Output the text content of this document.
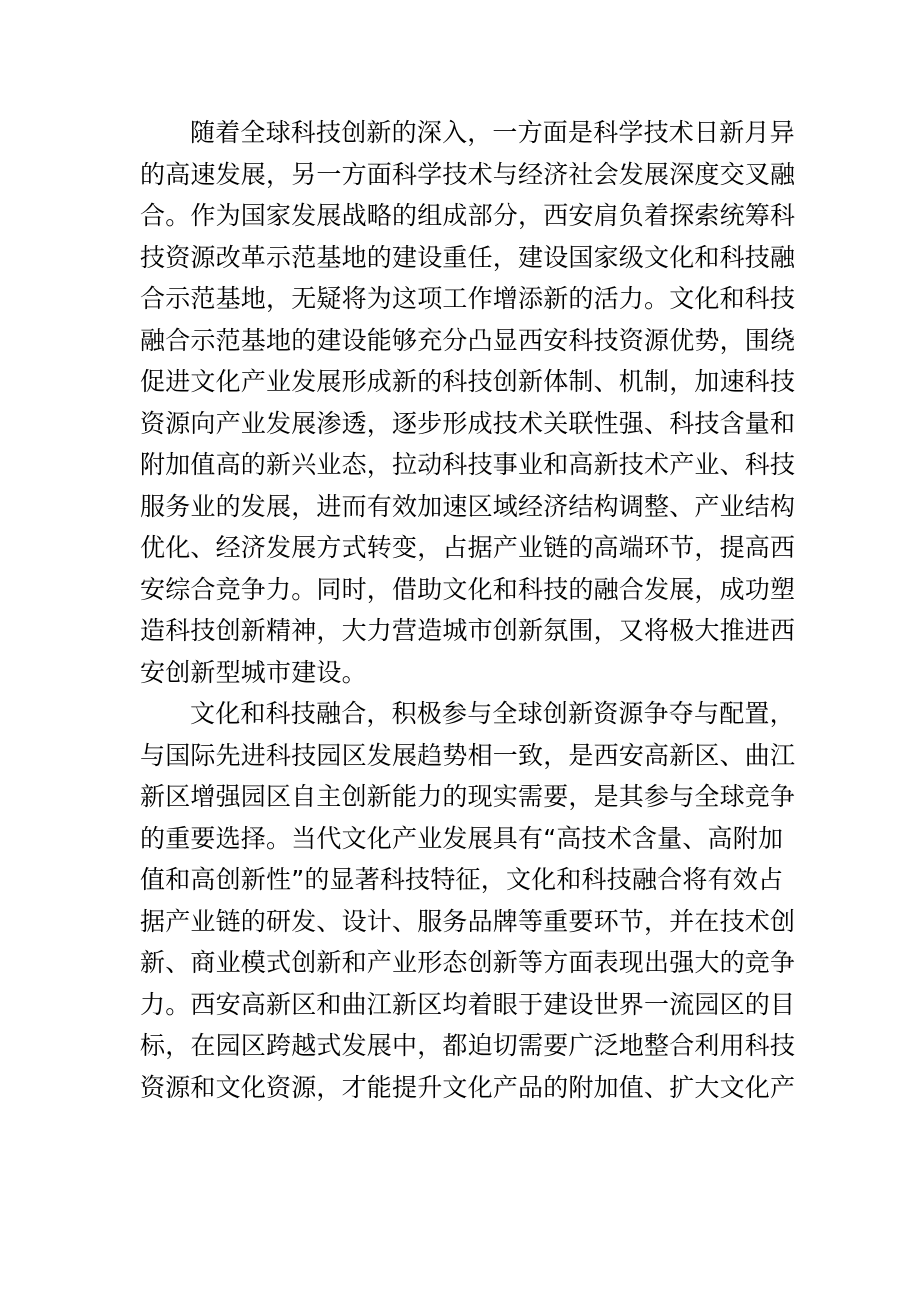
随着全球科技创新的深入，一方面是科学技术日新月异
的高速发展，另一方面科学技术与经济社会发展深度交叉融
合。作为国家发展战略的组成部分，西安肩负着探索统筹科
技资源改革示范基地的建设重任，建设国家级文化和科技融
合示范基地，无疑将为这项工作增添新的活力。文化和科技
融合示范基地的建设能够充分凸显西安科技资源优势，围绕
促进文化产业发展形成新的科技创新体制、机制，加速科技
资源向产业发展渗透，逐步形成技术关联性强、科技含量和
附加值高的新兴业态，拉动科技事业和高新技术产业、科技
服务业的发展，进而有效加速区域经济结构调整、产业结构
优化、经济发展方式转变，占据产业链的高端环节，提高西
安综合竞争力。同时，借助文化和科技的融合发展，成功塑
造科技创新精神，大力营造城市创新氛围，又将极大推进西
安创新型城市建设。
文化和科技融合，积极参与全球创新资源争夺与配置，
与国际先进科技园区发展趋势相一致，是西安高新区、曲江
新区增强园区自主创新能力的现实需要，是其参与全球竞争
的重要选择。当代文化产业发展具有“高技术含量、高附加
值和高创新性”的显著科技特征，文化和科技融合将有效占
据产业链的研发、设计、服务品牌等重要环节，并在技术创
新、商业模式创新和产业形态创新等方面表现出强大的竞争
力。西安高新区和曲江新区均着眼于建设世界一流园区的目
标，在园区跨越式发展中，都迫切需要广泛地整合利用科技
资源和文化资源，才能提升文化产品的附加值、扩大文化产
